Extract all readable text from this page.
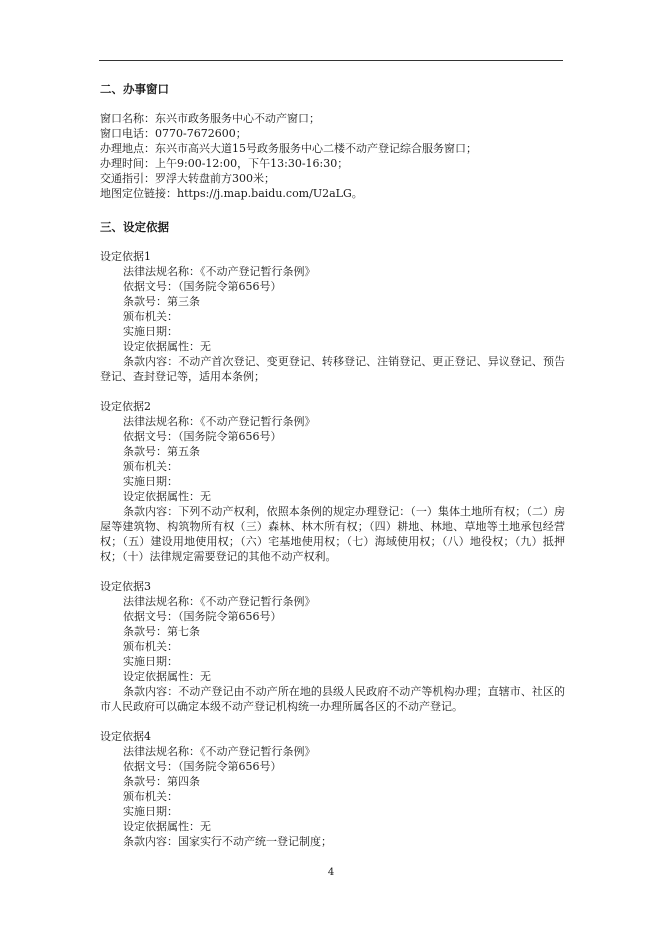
二、办事窗口

窗口名称：东兴市政务服务中心不动产窗口；

窗口电话：0770-7672600；

办理地点：东兴市高兴大道15号政务服务中心二楼不动产登记综合服务窗口；

办理时间：上午9:00-12:00，下午13:30-16:30；

交通指引：罗浮大转盘前方300米；

地图定位链接：https://j.map.baidu.com/U2aLG。

三、设定依据

设定依据1

法律法规名称：《不动产登记暂行条例》

依据文号：（国务院令第656号）

条款号：第三条

颁布机关：

实施日期：

设定依据属性：无

条款内容：不动产首次登记、变更登记、转移登记、注销登记、更正登记、异议登记、预告登记、查封登记等，适用本条例；

设定依据2

法律法规名称：《不动产登记暂行条例》

依据文号：（国务院令第656号）

条款号：第五条

颁布机关：

实施日期：

设定依据属性：无

条款内容：下列不动产权利，依照本条例的规定办理登记：（一）集体土地所有权；（二）房屋等建筑物、构筑物所有权（三）森林、林木所有权；（四）耕地、林地、草地等土地承包经营权；（五）建设用地使用权；（六）宅基地使用权；（七）海域使用权；（八）地役权；（九）抵押权；（十）法律规定需要登记的其他不动产权利。

设定依据3

法律法规名称：《不动产登记暂行条例》

依据文号：（国务院令第656号）

条款号：第七条

颁布机关：

实施日期：

设定依据属性：无

条款内容：不动产登记由不动产所在地的县级人民政府不动产等机构办理；直辖市、社区的市人民政府可以确定本级不动产登记机构统一办理所属各区的不动产登记。

设定依据4

法律法规名称：《不动产登记暂行条例》

依据文号：（国务院令第656号）

条款号：第四条

颁布机关：

实施日期：

设定依据属性：无

条款内容：国家实行不动产统一登记制度；

4
